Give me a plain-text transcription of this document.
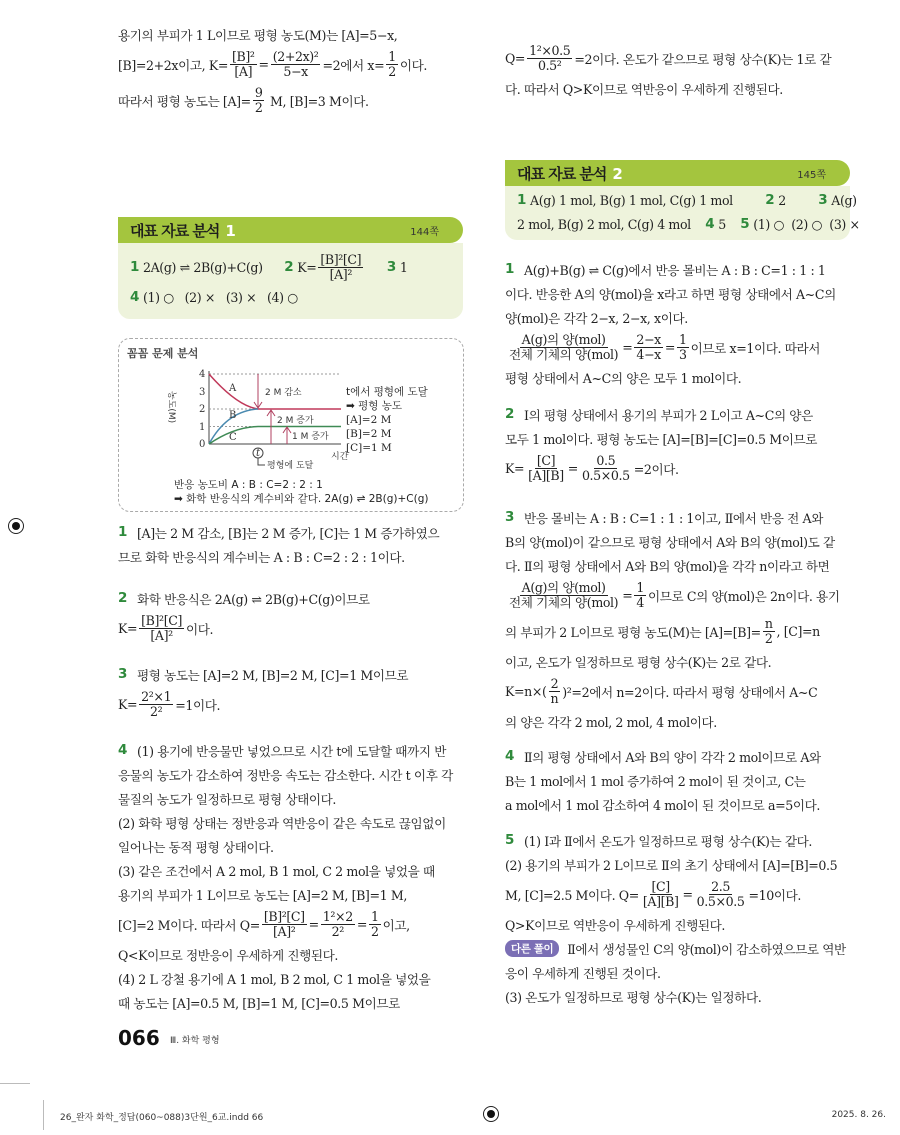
용기의 부피가 1 L이므로 평형 농도(M)는 [A]=5−x,
[B]=2+2x이고, $K= \frac{\text{[B]²}}{[A]} = \frac{\text{(2+2x)²}}{5-x} =2$에서 $x= \frac{1}{2}$ 이다.
따라서 평형 농도는 $[A]= \frac{9}{2} M$, [B]=3 M이다.
대표 자료 분석 1	144쪽
1 2A(g) ⇌ 2B(g)+C(g) 2 $K= \frac{\text{[B]²[C]}}{\text{[A]²}}$
3 1
4 (1) ○   (2) ×   (3) ×   (4) ○
꼼꼼 문제 분석
농도(M)
0
1
2
3
4
A
B
C
2 M 감소
2 M 증가
1 M 증가
t
평형에 도달
시간
t에서 평형에 도달
➡ 평형 농도
[A]=2 M
[B]=2 M
[C]=1 M
반응 농도비 A : B : C=2 : 2 : 1
➡ 화학 반응식의 계수비와 같다. 2A(g) ⇌ 2B(g)+C(g)
1 [A]는 2 M 감소, [B]는 2 M 증가, [C]는 1 M 증가하였으
므로 화학 반응식의 계수비는 A : B : C=2 : 2 : 1이다.
2 화학 반응식은 2A(g) ⇌ 2B(g)+C(g)이므로
$K= \frac{\text{[B]²[C]}}{\text{[A]²}}$ 이다.
3 평형 농도는 [A]=2 M, [B]=2 M, [C]=1 M이므로
$K= \frac{\text{2²×1}}{\text{2²}} =1$이다.
4 (1) 용기에 반응물만 넣었으므로 시간 t에 도달할 때까지 반
응물의 농도가 감소하여 정반응 속도는 감소한다. 시간 t 이후 각
물질의 농도가 일정하므로 평형 상태이다.
(2) 화학 평형 상태는 정반응과 역반응이 같은 속도로 끊임없이
일어나는 동적 평형 상태이다.
(3) 같은 조건에서 A 2 mol, B 1 mol, C 2 mol을 넣었을 때
용기의 부피가 1 L이므로 농도는 [A]=2 M, [B]=1 M,
[C]=2 M이다. 따라서 $Q= \frac{\text{[B]²[C]}}{\text{[A]²}} = \frac{\text{1²×2}}{\text{2²}} = \frac{1}{2}$ 이고,
Q<K이므로 정반응이 우세하게 진행된다.
(4) 2 L 강철 용기에 A 1 mol, B 2 mol, C 1 mol을 넣었을
때 농도는 [A]=0.5 M, [B]=1 M, [C]=0.5 M이므로
$Q= \frac{\text{1²×0.5}}{\text{0.5²}} =2$이다. 온도가 같으므로 평형 상수(K)는 1로 같
다. 따라서 Q>K이므로 역반응이 우세하게 진행된다.
대표 자료 분석 2	145쪽
1 A(g) 1 mol, B(g) 1 mol, C(g) 1 mol 2 2 3 A(g)
2 mol, B(g) 2 mol, C(g) 4 mol 4 5 5 (1) ○  (2) ○  (3) ×
1 A(g)+B(g) ⇌ C(g)에서 반응 몰비는 A : B : C=1 : 1 : 1
이다. 반응한 A의 양(mol)을 x라고 하면 평형 상태에서 A~C의
양(mol)은 각각 2−x, 2−x, x이다.
$\frac{\text{A(g)의 양(mol)}}{\text{전체 기체의 양(mol)}} = \frac{2-x}{4-x} = \frac{1}{3}$ 이므로 x=1이다. 따라서
평형 상태에서 A~C의 양은 모두 1 mol이다.
2 Ⅰ의 평형 상태에서 용기의 부피가 2 L이고 A~C의 양은
모두 1 mol이다. 평형 농도는 [A]=[B]=[C]=0.5 M이므로
$K= \frac{[C]}{[A][B]} = \frac{0.5}{0.5\times 0.5} =2$이다.
3 반응 몰비는 A : B : C=1 : 1 : 1이고, Ⅱ에서 반응 전 A와
B의 양(mol)이 같으므로 평형 상태에서 A와 B의 양(mol)도 같
다. Ⅱ의 평형 상태에서 A와 B의 양(mol)을 각각 n이라고 하면
$\frac{\text{A(g)의 양(mol)}}{\text{전체 기체의 양(mol)}} = \frac{1}{4}$ 이므로 C의 양(mol)은 2n이다. 용기
의 부피가 2 L이므로 평형 농도(M)는 $[A]=[B]= \frac{n}{2}$ , [C]=n
이고, 온도가 일정하므로 평형 상수(K)는 2로 같다.
$K=n\times( \frac{2}{n} )^2=2$에서 n=2이다. 따라서 평형 상태에서 A~C
의 양은 각각 2 mol, 2 mol, 4 mol이다.
4 Ⅱ의 평형 상태에서 A와 B의 양이 각각 2 mol이므로 A와
B는 1 mol에서 1 mol 증가하여 2 mol이 된 것이고, C는
a mol에서 1 mol 감소하여 4 mol이 된 것이므로 a=5이다.
5 (1) Ⅰ과 Ⅱ에서 온도가 일정하므로 평형 상수(K)는 같다.
(2) 용기의 부피가 2 L이므로 Ⅱ의 초기 상태에서 [A]=[B]=0.5
M, [C]=2.5 M이다. $Q= \frac{[C]}{[A][B]} = \frac{2.5}{0.5\times 0.5} =10$이다.
Q>K이므로 역반응이 우세하게 진행된다.
다른 풀이	Ⅱ에서 생성물인 C의 양(mol)이 감소하였으므로 역반
응이 우세하게 진행된 것이다.
(3) 온도가 일정하므로 평형 상수(K)는 일정하다.
066 Ⅲ. 화학 평형
26_완자 화학_정답(060~088)3단원_6교.indd 66	2025. 8. 26.
